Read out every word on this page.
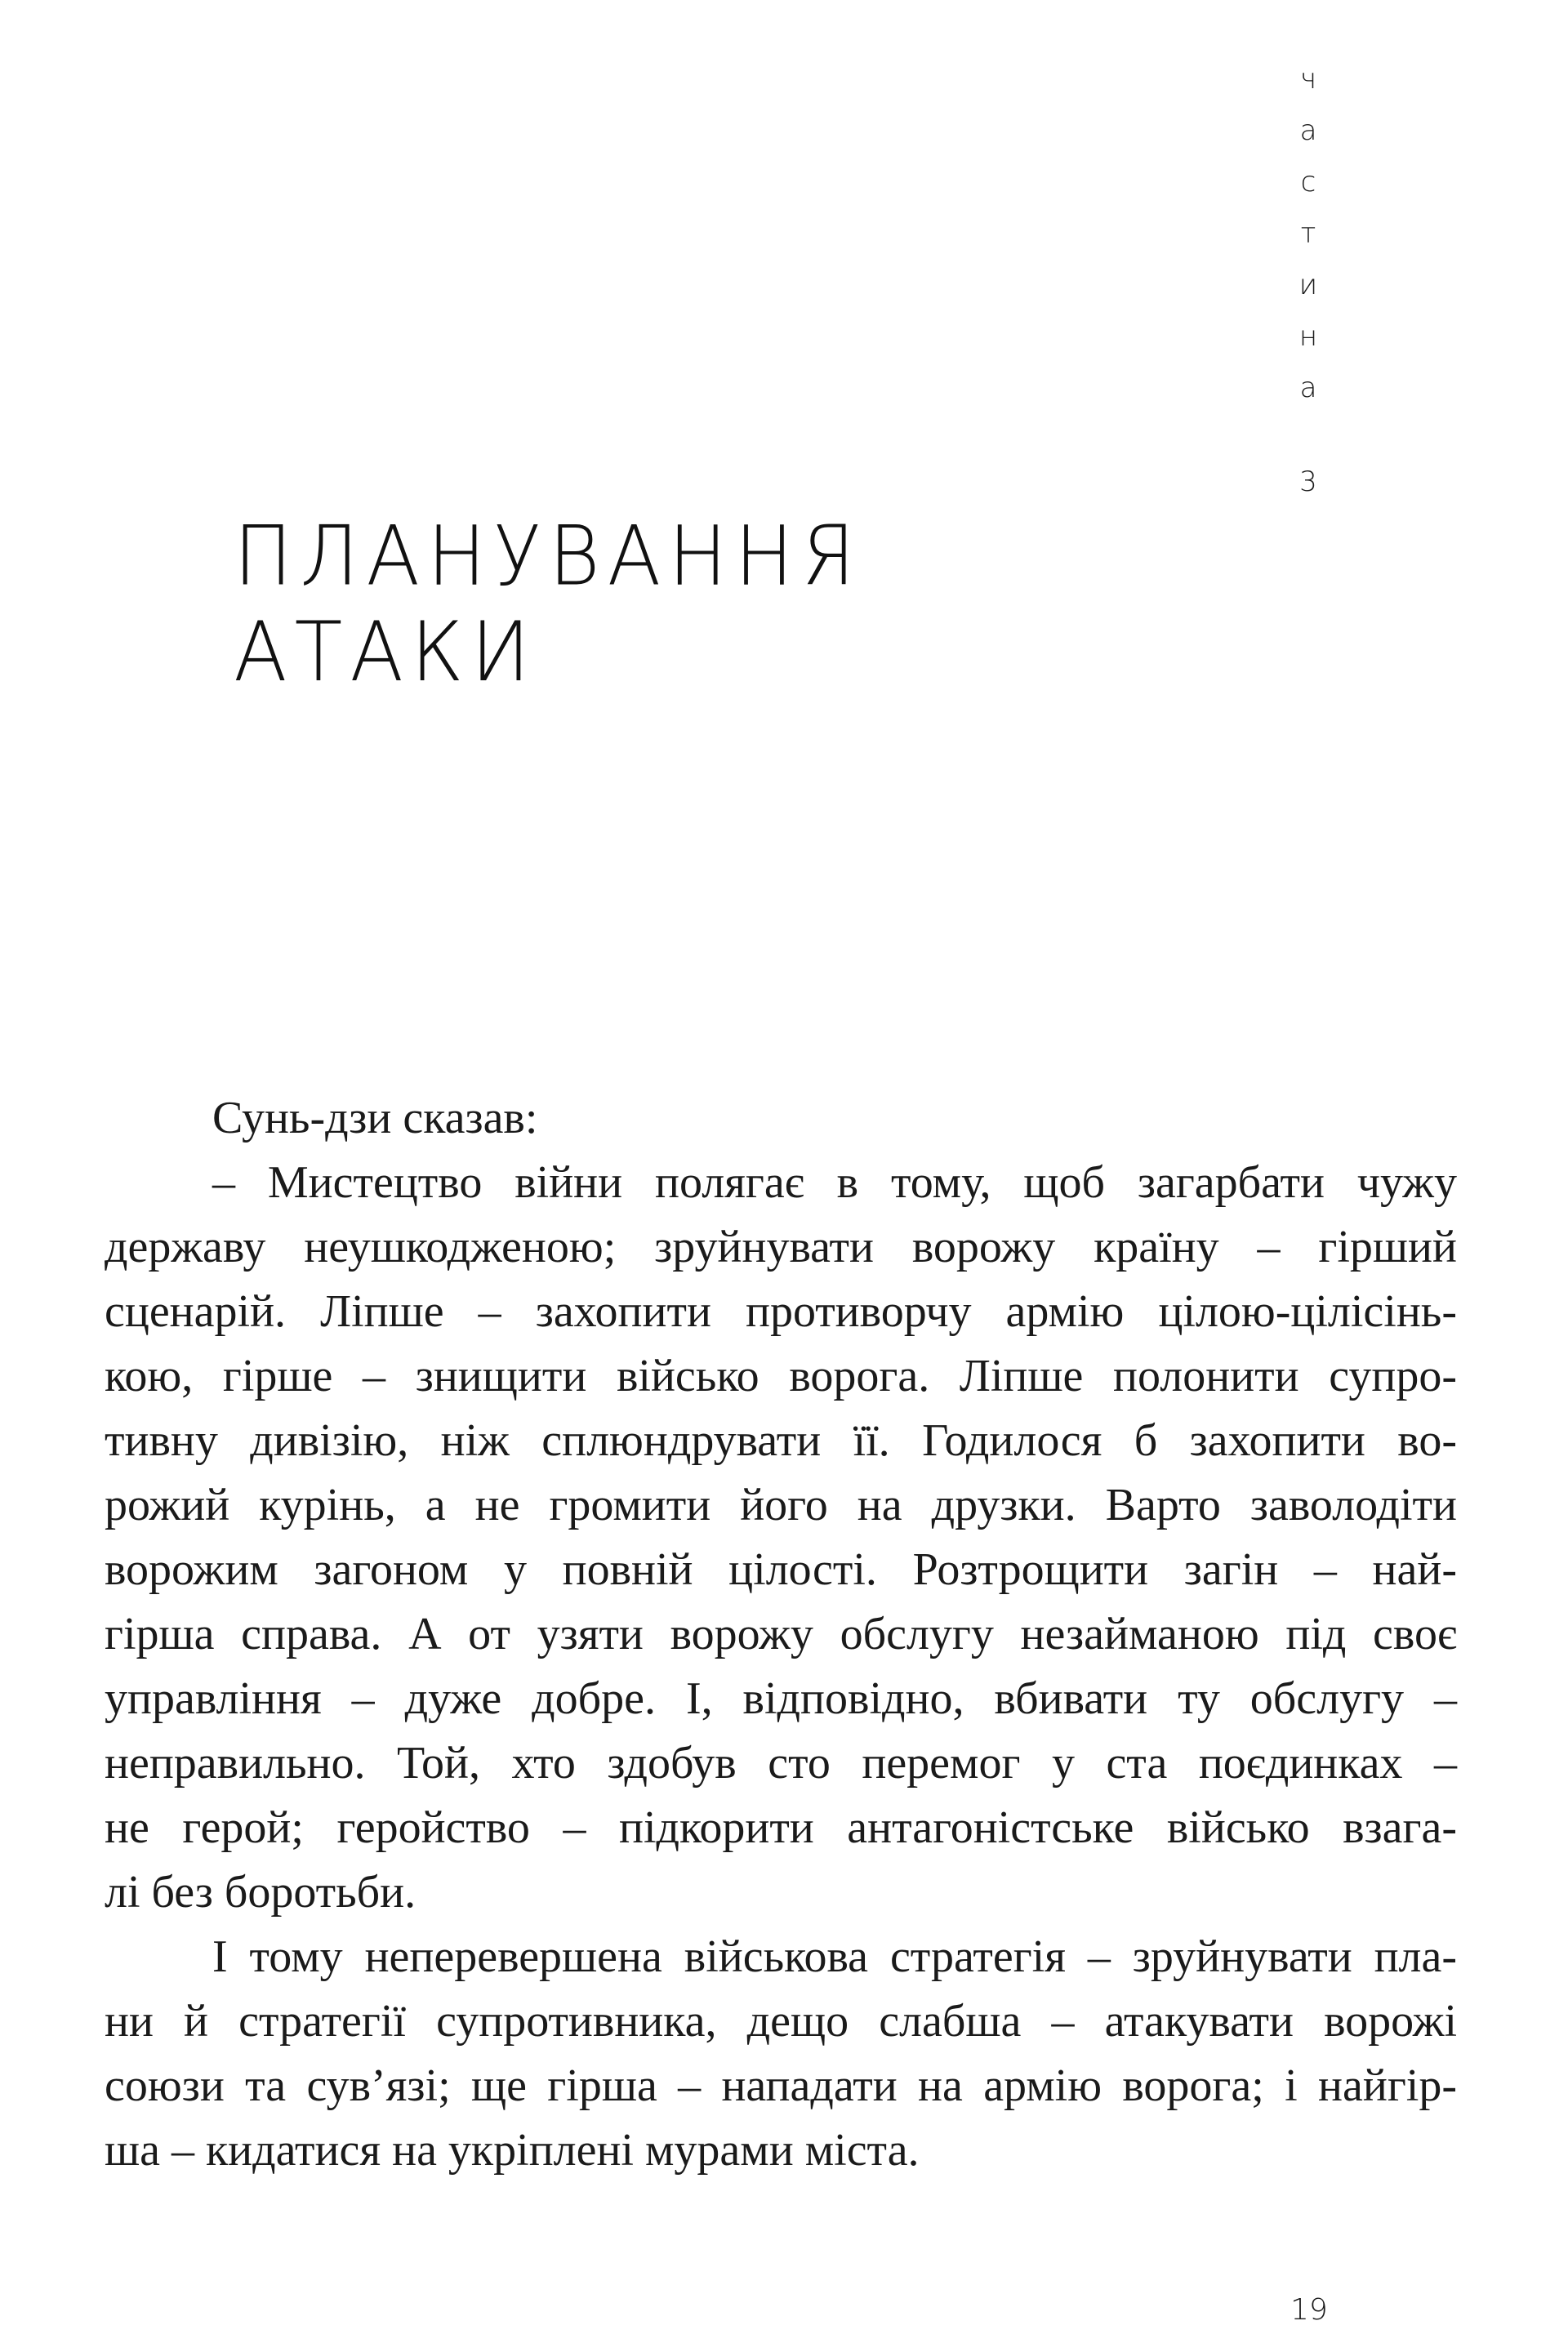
ч
а
с
т
и
н
а
3
ПЛАНУВАННЯ
АТАКИ
Сунь-дзи сказав:
– Мистецтво війни полягає в тому, щоб загарбати чужу
державу неушкодженою; зруйнувати ворожу країну – гірший
сценарій. Ліпше – захопити противорчу армію цілою-цілісінь-
кою, гірше – знищити військо ворога. Ліпше полонити супро-
тивну дивізію, ніж сплюндрувати її. Годилося б захопити во-
рожий курінь, а не громити його на друзки. Варто заволодіти
ворожим загоном у повній цілості. Розтрощити загін – най-
гірша справа. А от узяти ворожу обслугу незайманою під своє
управління – дуже добре. І, відповідно, вбивати ту обслугу –
неправильно. Той, хто здобув сто перемог у ста поєдинках –
не герой; геройство – підкорити антагоністське військо взага-
лі без боротьби.
І тому неперевершена військова стратегія – зруйнувати пла-
ни й стратегії супротивника, дещо слабша – атакувати ворожі
союзи та сув’язі; ще гірша – нападати на армію ворога; і найгір-
ша – кидатися на укріплені мурами міста.
19
